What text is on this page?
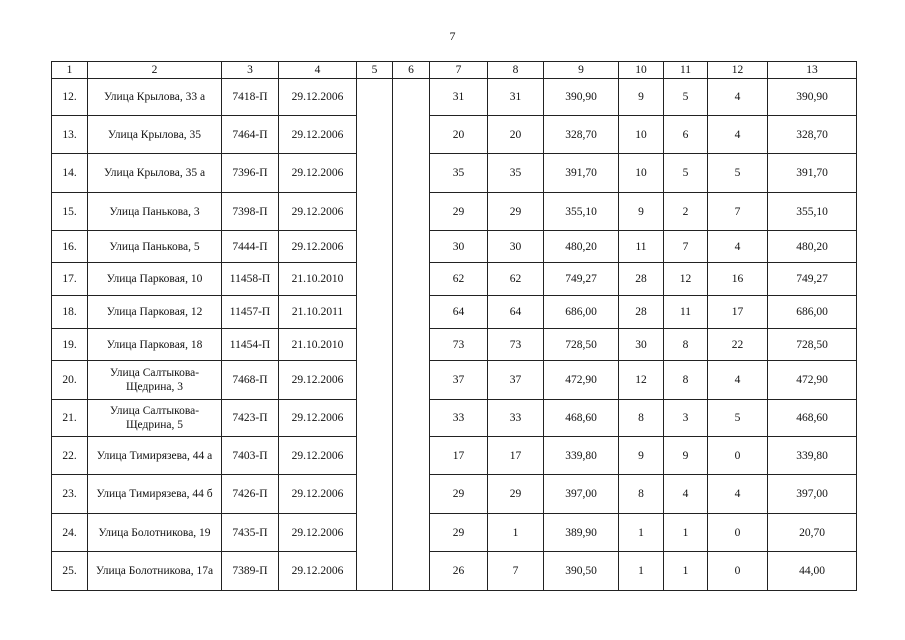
7
1	2	3	4	5	6	7	8	9	10	11	12	13
12.	Улица Крылова, 33 а	7418-П	29.12.2006			31	31	390,90	9	5	4	390,90
13.	Улица Крылова, 35	7464-П	29.12.2006			20	20	328,70	10	6	4	328,70
14.	Улица Крылова, 35 а	7396-П	29.12.2006			35	35	391,70	10	5	5	391,70
15.	Улица Панькова, 3	7398-П	29.12.2006			29	29	355,10	9	2	7	355,10
16.	Улица Панькова, 5	7444-П	29.12.2006			30	30	480,20	11	7	4	480,20
17.	Улица Парковая, 10	11458-П	21.10.2010			62	62	749,27	28	12	16	749,27
18.	Улица Парковая, 12	11457-П	21.10.2011			64	64	686,00	28	11	17	686,00
19.	Улица Парковая, 18	11454-П	21.10.2010			73	73	728,50	30	8	22	728,50
20.	Улица Салтыкова-Щедрина, 3	7468-П	29.12.2006			37	37	472,90	12	8	4	472,90
21.	Улица Салтыкова-Щедрина, 5	7423-П	29.12.2006			33	33	468,60	8	3	5	468,60
22.	Улица Тимирязева, 44 а	7403-П	29.12.2006			17	17	339,80	9	9	0	339,80
23.	Улица Тимирязева, 44 б	7426-П	29.12.2006			29	29	397,00	8	4	4	397,00
24.	Улица Болотникова, 19	7435-П	29.12.2006			29	1	389,90	1	1	0	20,70
25.	Улица Болотникова, 17а	7389-П	29.12.2006			26	7	390,50	1	1	0	44,00
